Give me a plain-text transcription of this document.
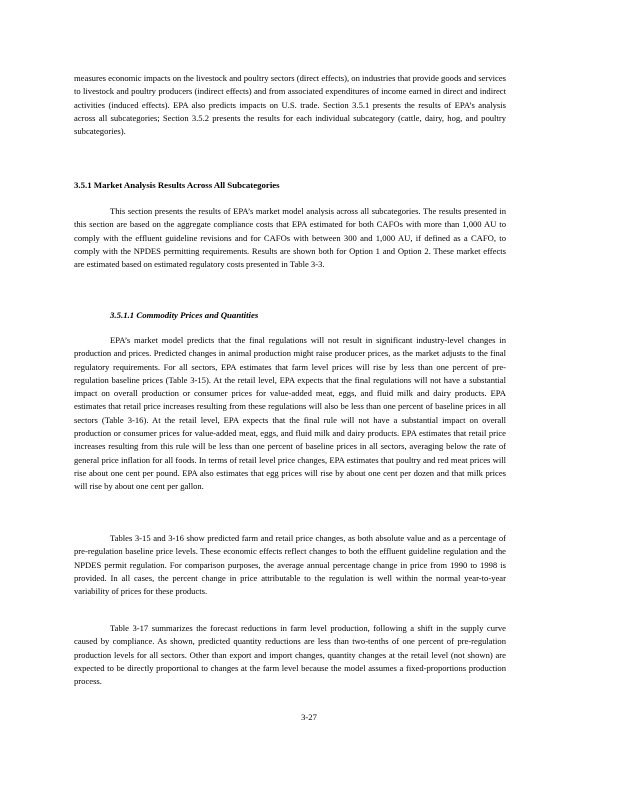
measures economic impacts on the livestock and poultry sectors (direct effects), on industries that provide goods and services to livestock and poultry producers (indirect effects) and from associated expenditures of income earned in direct and indirect activities (induced effects). EPA also predicts impacts on U.S. trade. Section 3.5.1 presents the results of EPA’s analysis across all subcategories; Section 3.5.2 presents the results for each individual subcategory (cattle, dairy, hog, and poultry subcategories).

3.5.1 Market Analysis Results Across All Subcategories

This section presents the results of EPA’s market model analysis across all subcategories. The results presented in this section are based on the aggregate compliance costs that EPA estimated for both CAFOs with more than 1,000 AU to comply with the effluent guideline revisions and for CAFOs with between 300 and 1,000 AU, if defined as a CAFO, to comply with the NPDES permitting requirements. Results are shown both for Option 1 and Option 2. These market effects are estimated based on estimated regulatory costs presented in Table 3-3.

3.5.1.1 Commodity Prices and Quantities

EPA’s market model predicts that the final regulations will not result in significant industry-level changes in production and prices. Predicted changes in animal production might raise producer prices, as the market adjusts to the final regulatory requirements. For all sectors, EPA estimates that farm level prices will rise by less than one percent of pre-regulation baseline prices (Table 3-15). At the retail level, EPA expects that the final regulations will not have a substantial impact on overall production or consumer prices for value-added meat, eggs, and fluid milk and dairy products. EPA estimates that retail price increases resulting from these regulations will also be less than one percent of baseline prices in all sectors (Table 3-16). At the retail level, EPA expects that the final rule will not have a substantial impact on overall production or consumer prices for value-added meat, eggs, and fluid milk and dairy products. EPA estimates that retail price increases resulting from this rule will be less than one percent of baseline prices in all sectors, averaging below the rate of general price inflation for all foods. In terms of retail level price changes, EPA estimates that poultry and red meat prices will rise about one cent per pound. EPA also estimates that egg prices will rise by about one cent per dozen and that milk prices will rise by about one cent per gallon.

Tables 3-15 and 3-16 show predicted farm and retail price changes, as both absolute value and as a percentage of pre-regulation baseline price levels. These economic effects reflect changes to both the effluent guideline regulation and the NPDES permit regulation. For comparison purposes, the average annual percentage change in price from 1990 to 1998 is provided. In all cases, the percent change in price attributable to the regulation is well within the normal year-to-year variability of prices for these products.

Table 3-17 summarizes the forecast reductions in farm level production, following a shift in the supply curve caused by compliance. As shown, predicted quantity reductions are less than two-tenths of one percent of pre-regulation production levels for all sectors. Other than export and import changes, quantity changes at the retail level (not shown) are expected to be directly proportional to changes at the farm level because the model assumes a fixed-proportions production process.

3-27
